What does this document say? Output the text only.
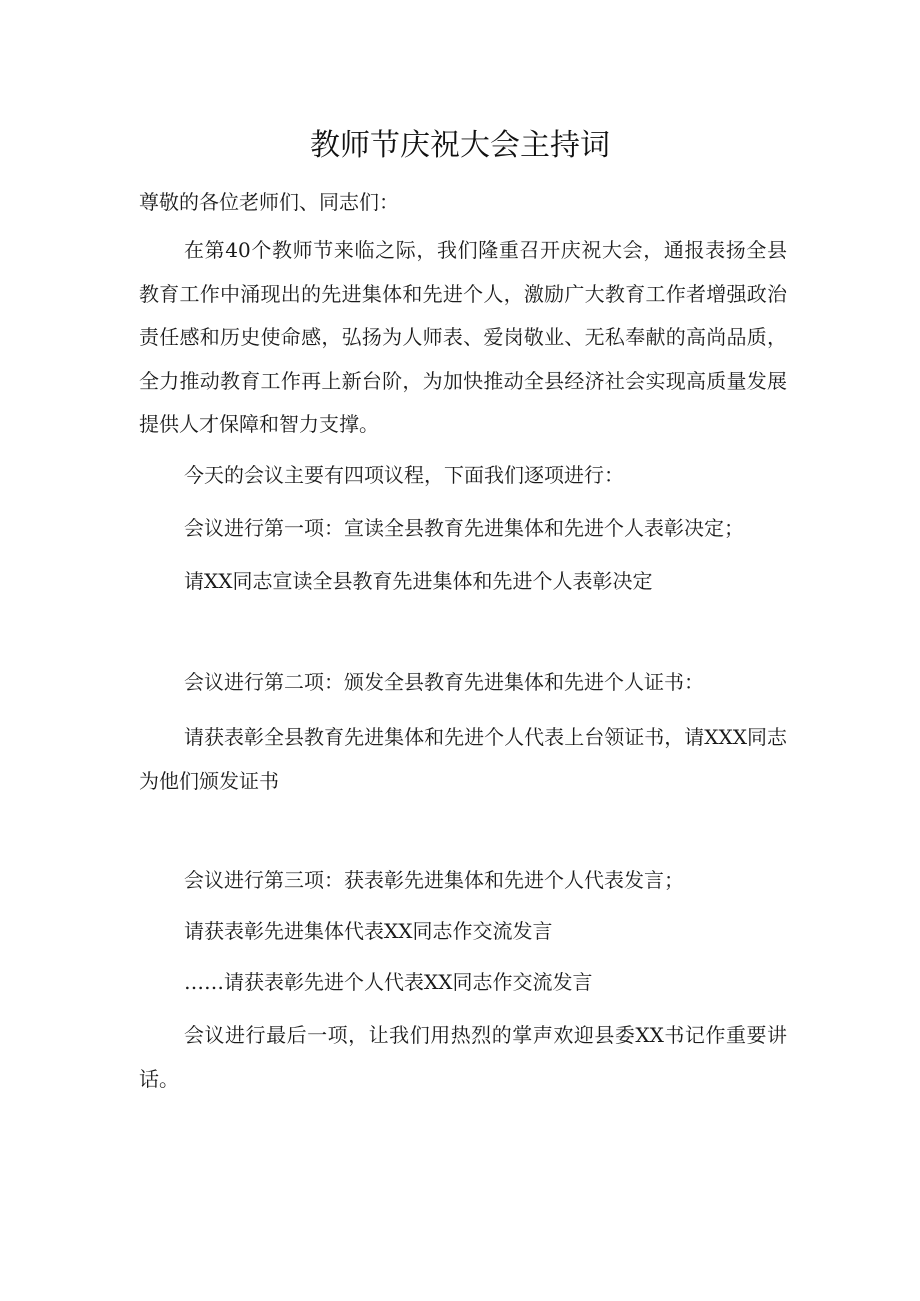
教师节庆祝大会主持词
尊敬的各位老师们、同志们：
在第40个教师节来临之际，我们隆重召开庆祝大会，通报表扬全县教育工作中涌现出的先进集体和先进个人，激励广大教育工作者增强政治责任感和历史使命感，弘扬为人师表、爱岗敬业、无私奉献的高尚品质，全力推动教育工作再上新台阶，为加快推动全县经济社会实现高质量发展提供人才保障和智力支撑。
今天的会议主要有四项议程，下面我们逐项进行：
会议进行第一项：宣读全县教育先进集体和先进个人表彰决定；
请XX同志宣读全县教育先进集体和先进个人表彰决定
会议进行第二项：颁发全县教育先进集体和先进个人证书：
请获表彰全县教育先进集体和先进个人代表上台领证书，请XXX同志为他们颁发证书
会议进行第三项：获表彰先进集体和先进个人代表发言；
请获表彰先进集体代表XX同志作交流发言
……请获表彰先进个人代表XX同志作交流发言
会议进行最后一项，让我们用热烈的掌声欢迎县委XX书记作重要讲话。
